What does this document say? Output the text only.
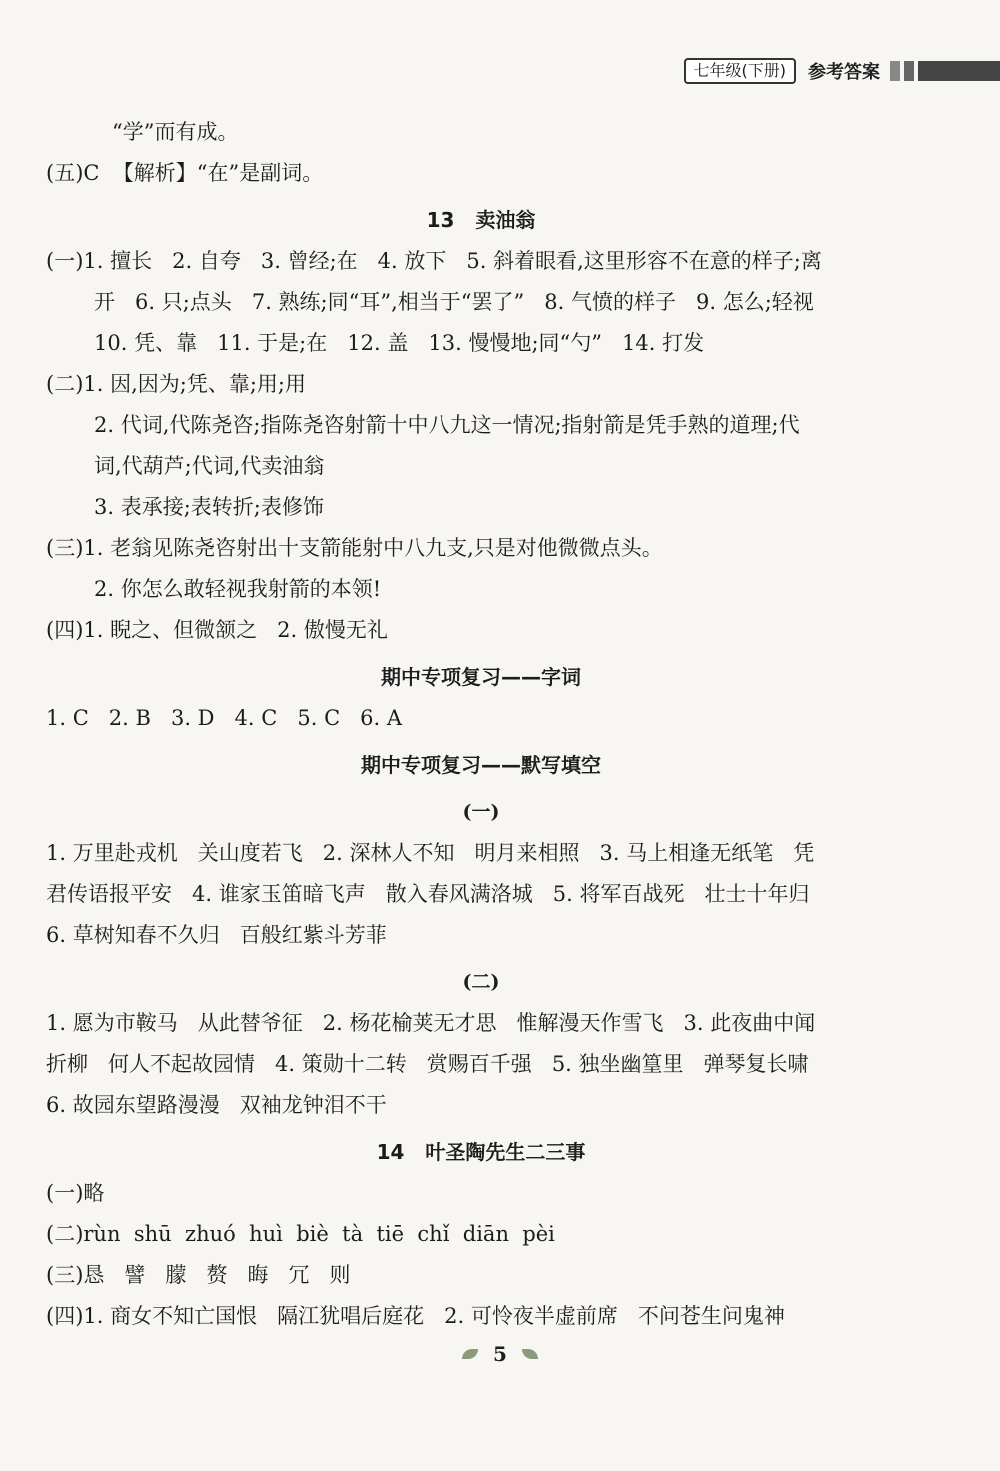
七年级(下册)	参考答案
“学”而有成。
(五)C  【解析】“在”是副词。
13   卖油翁
(一)1. 擅长   2. 自夸   3. 曾经;在   4. 放下   5. 斜着眼看,这里形容不在意的样子;离
开   6. 只;点头   7. 熟练;同“耳”,相当于“罢了”   8. 气愤的样子   9. 怎么;轻视
10. 凭、靠   11. 于是;在   12. 盖   13. 慢慢地;同“勺”   14. 打发
(二)1. 因,因为;凭、靠;用;用
2. 代词,代陈尧咨;指陈尧咨射箭十中八九这一情况;指射箭是凭手熟的道理;代
词,代葫芦;代词,代卖油翁
3. 表承接;表转折;表修饰
(三)1. 老翁见陈尧咨射出十支箭能射中八九支,只是对他微微点头。
2. 你怎么敢轻视我射箭的本领!
(四)1. 睨之、但微颔之   2. 傲慢无礼
期中专项复习——字词
1. C   2. B   3. D   4. C   5. C   6. A
期中专项复习——默写填空
(一)
1. 万里赴戎机   关山度若飞   2. 深林人不知   明月来相照   3. 马上相逢无纸笔   凭
君传语报平安   4. 谁家玉笛暗飞声   散入春风满洛城   5. 将军百战死   壮士十年归
6. 草树知春不久归   百般红紫斗芳菲
(二)
1. 愿为市鞍马   从此替爷征   2. 杨花榆荚无才思   惟解漫天作雪飞   3. 此夜曲中闻
折柳   何人不起故园情   4. 策勋十二转   赏赐百千强   5. 独坐幽篁里   弹琴复长啸
6. 故园东望路漫漫   双袖龙钟泪不干
14   叶圣陶先生二三事
(一)略
(二)rùn  shū  zhuó  huì  biè  tà  tiē  chǐ  diān  pèi
(三)恳   譬   朦   赘   晦   冗   则
(四)1. 商女不知亡国恨   隔江犹唱后庭花   2. 可怜夜半虚前席   不问苍生问鬼神
5
